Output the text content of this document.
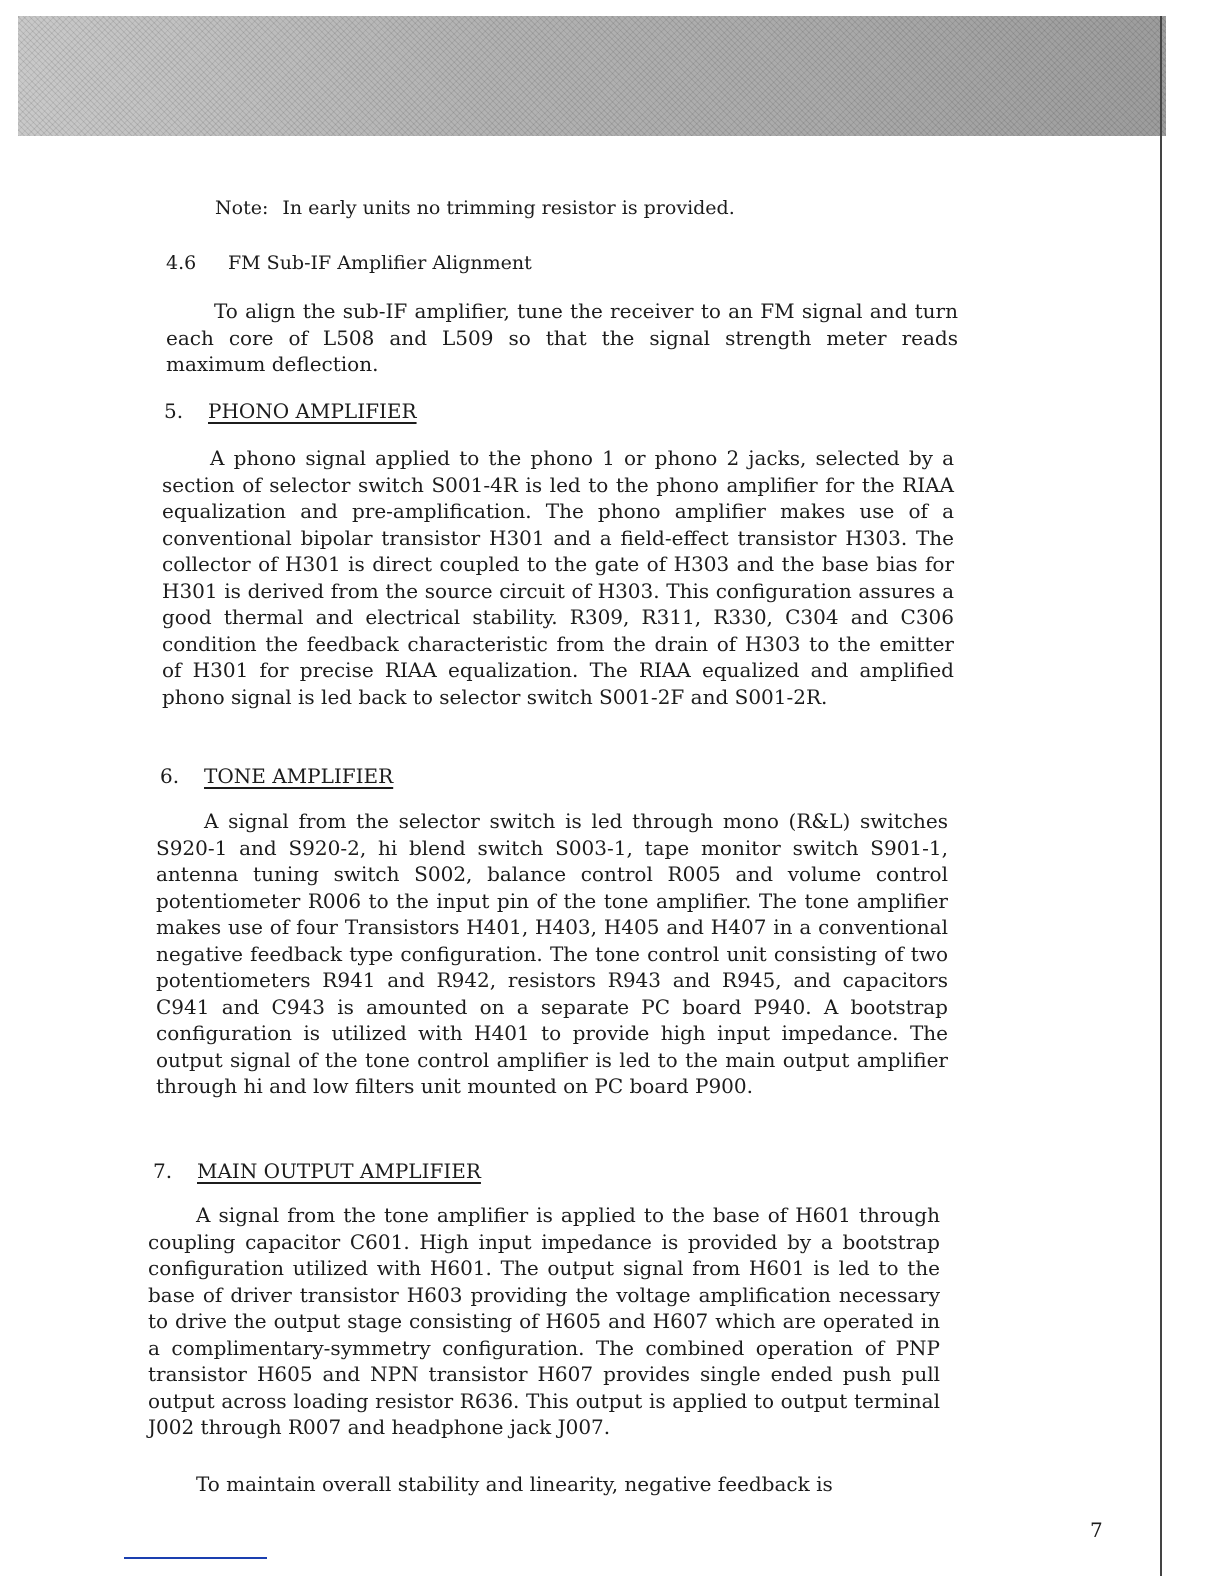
Note: In early units no trimming resistor is provided.
4.6 FM Sub-IF Amplifier Alignment

To align the sub-IF amplifier, tune the receiver to an FM signal and turn each core of L508 and L509 so that the signal strength meter reads maximum deflection.

5. PHONO AMPLIFIER

A phono signal applied to the phono 1 or phono 2 jacks, selected by a section of selector switch S001-4R is led to the phono amplifier for the RIAA equalization and pre-amplification. The phono amplifier makes use of a conventional bipolar transistor H301 and a field-effect transistor H303. The collector of H301 is direct coupled to the gate of H303 and the base bias for H301 is derived from the source circuit of H303. This configuration assures a good thermal and electrical stability. R309, R311, R330, C304 and C306 condition the feedback characteristic from the drain of H303 to the emitter of H301 for precise RIAA equalization. The RIAA equalized and amplified phono signal is led back to selector switch S001-2F and S001-2R.

6. TONE AMPLIFIER

A signal from the selector switch is led through mono (R&L) switches S920-1 and S920-2, hi blend switch S003-1, tape monitor switch S901-1, antenna tuning switch S002, balance control R005 and volume control potentiometer R006 to the input pin of the tone amplifier. The tone amplifier makes use of four Transistors H401, H403, H405 and H407 in a conventional negative feedback type configuration. The tone control unit consisting of two potentiometers R941 and R942, resistors R943 and R945, and capacitors C941 and C943 is amounted on a separate PC board P940. A bootstrap configuration is utilized with H401 to provide high input impedance. The output signal of the tone control amplifier is led to the main output amplifier through hi and low filters unit mounted on PC board P900.

7. MAIN OUTPUT AMPLIFIER

A signal from the tone amplifier is applied to the base of H601 through coupling capacitor C601. High input impedance is provided by a bootstrap configuration utilized with H601. The output signal from H601 is led to the base of driver transistor H603 providing the voltage amplification necessary to drive the output stage consisting of H605 and H607 which are operated in a complimentary-symmetry configuration. The combined operation of PNP transistor H605 and NPN transistor H607 provides single ended push pull output across loading resistor R636. This output is applied to output terminal J002 through R007 and headphone jack J007.

To maintain overall stability and linearity, negative feedback is

7
